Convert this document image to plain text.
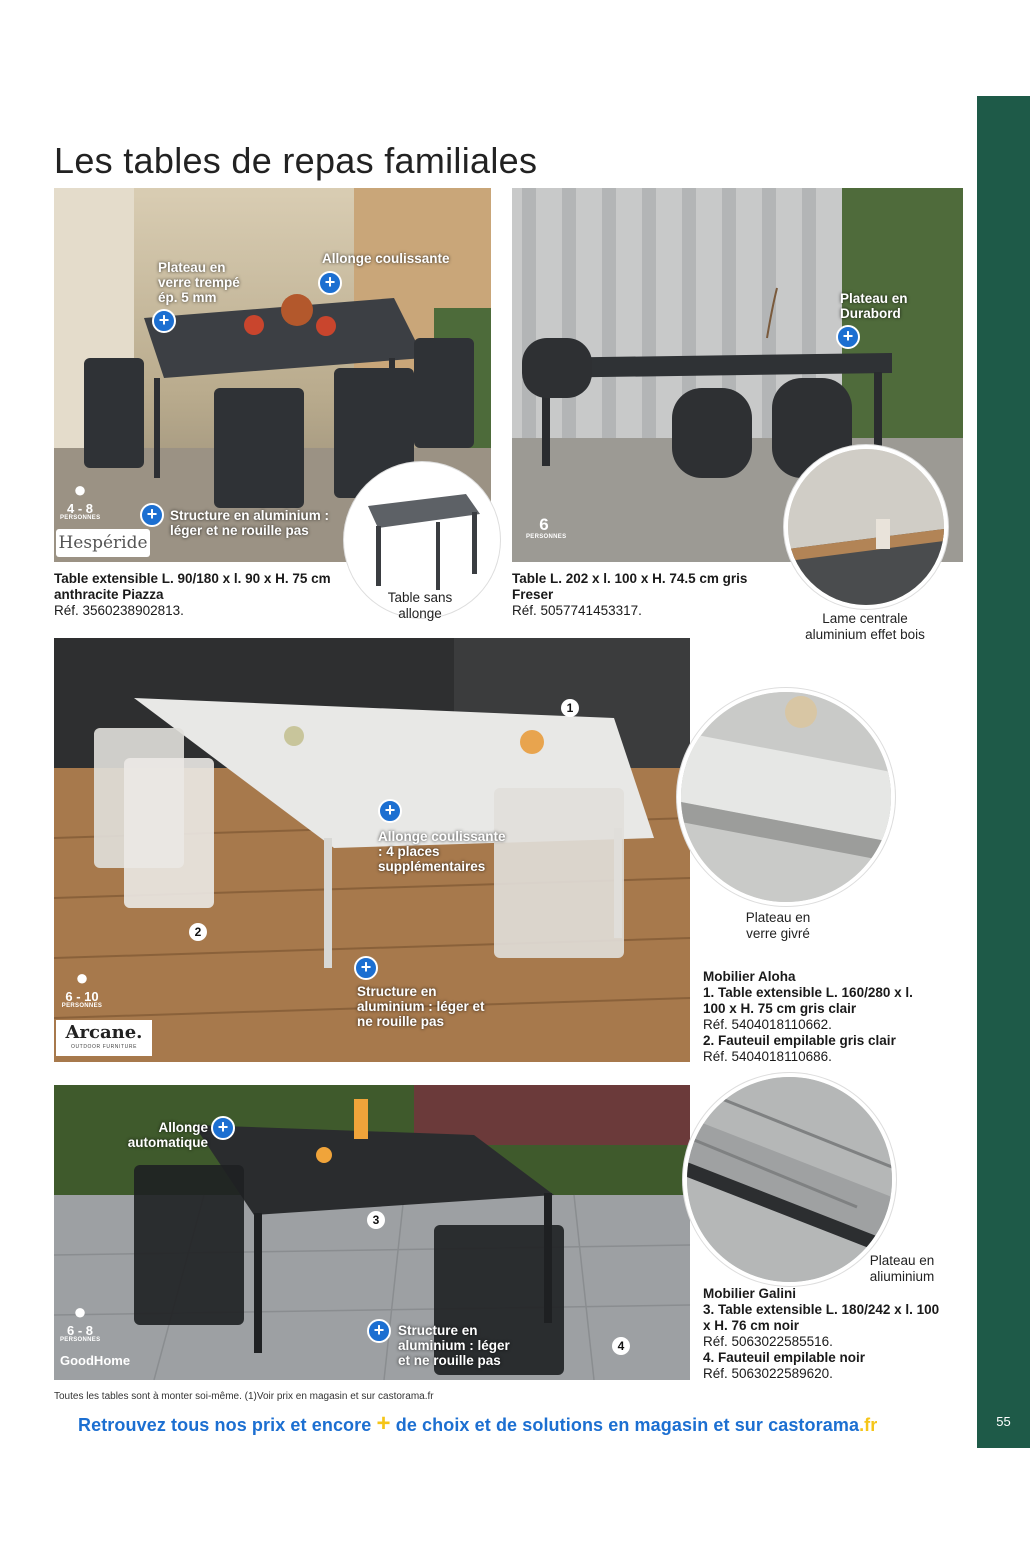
55
Les tables de repas familiales
+
Plateau en verre trempé ép. 5 mm
+
Allonge coulissante
+ Structure en aluminium : léger et ne rouille pas
●
4 - 8
PERSONNES
Hespéride
Table sans allonge
Table extensible L. 90/180 x l. 90 x H. 75 cm anthracite Piazza
Réf. 3560238902813.
Plateau en Durabord
+
6
PERSONNES
Lame centrale aluminium effet bois
Table L. 202 x l. 100 x H. 74.5 cm gris Freser
Réf. 5057741453317.
1
2
+
Allonge coulissante : 4 places supplémentaires
+
Structure en aluminium : léger et ne rouille pas
●
6 - 10
PERSONNES
Arcane.
OUTDOOR FURNITURE
Plateau en verre givré
Mobilier Aloha
1. Table extensible L. 160/280 x l. 100 x H. 75 cm gris clair
Réf. 5404018110662.
2. Fauteuil empilable gris clair
Réf. 5404018110686.
+
Allonge automatique
3
4
+	Structure en aluminium : léger et ne rouille pas
●
6 - 8
PERSONNES
GoodHome
Plateau en aliuminium
Mobilier Galini
3. Table extensible L. 180/242 x l. 100 x H. 76 cm noir
Réf. 5063022585516.
4. Fauteuil empilable noir
Réf. 5063022589620.
Toutes les tables sont à monter soi-même. (1)Voir prix en magasin et sur castorama.fr
Retrouvez tous nos prix et encore + de choix et de solutions en magasin et sur castorama.fr
